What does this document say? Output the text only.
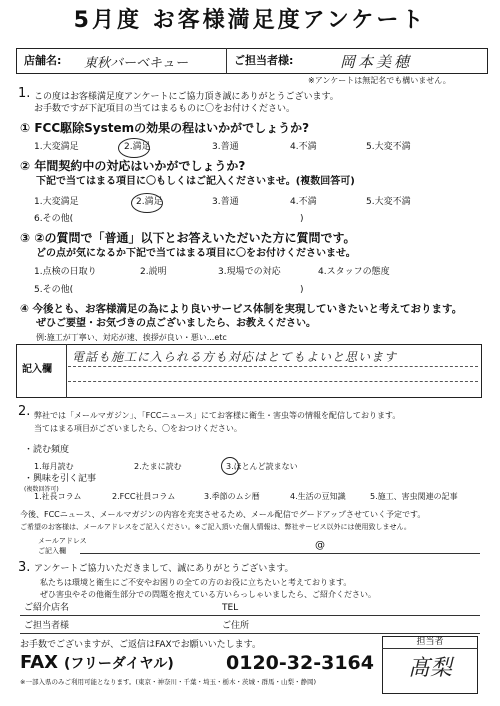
5月度 お客様満足度アンケート
店舗名: 東秋バーベキュー	ご担当者様:	岡本美穂
※アンケートは無記名でも構いません。
1. この度はお客様満足度アンケートにご協力頂き誠にありがとうございます。
お手数ですが下記項目の当てはまるものに〇をお付けください。
① FCC駆除Systemの効果の程はいかがでしょうか?
1.大変満足	2.満足	3.普通	4.不満	5.大変不満
② 年間契約中の対応はいかがでしょうか?
下記で当てはまる項目に〇もしくはご記入くださいませ。(複数回答可)
1.大変満足	2.満足	3.普通	4.不満	5.大変不満
6.その他(	)
③ ②の質問で「普通」以下とお答えいただいた方に質問です。
どの点が気になるか下記で当てはまる項目に〇をお付けくださいませ。
1.点検の日取り	2.説明	3.現場での対応	4.スタッフの態度
5.その他(	)
④ 今後とも、お客様満足の為により良いサービス体制を実現していきたいと考えております。
ぜひご要望・お気づきの点ございましたら、お教えください。
例:施工が丁寧い、対応が速、挨拶が良い・悪い...etc
記入欄
電話も施工に入られる方も対応はとてもよいと思います
2. 弊社では「メールマガジン」、「FCCニュース」にてお客様に衛生・害虫等の情報を配信しております。
当てはまる項目がございましたら、〇をおつけください。
・読む頻度
1.毎月読む	2.たまに読む	3.ほとんど読まない
・興味を引く記事
(複数回答可)
1.社長コラム	2.FCC社員コラム	3.季節のムシ暦	4.生活の豆知識	5.施工、害虫関連の記事
今後、FCCニュース、メールマガジンの内容を充実させるため、メール配信でグードアップさせていく予定です。
ご希望のお客様は、メールアドレスをご記入ください。※ご記入頂いた個人情報は、弊社サービス以外には使用致しません。
メールアドレス
ご記入欄	@
3. アンケートご協力いただきまして、誠にありがとうございます。
私たちは環境と衛生にご不安やお困りの全ての方のお役に立ちたいと考えております。
ぜひ害虫やその他衛生部分での問題を抱えている方いらっしゃいましたら、ご紹介ください。
ご紹介店名	TEL
ご担当者様	ご住所
お手数でございますが、ご返信はFAXでお願いいたします。
FAX (フリーダイヤル)	0120-32-3164
※一部入県のみご利用可能となります。(東京・神奈川・千葉・埼玉・栃木・茨城・群馬・山梨・静岡)
担当者
髙梨
